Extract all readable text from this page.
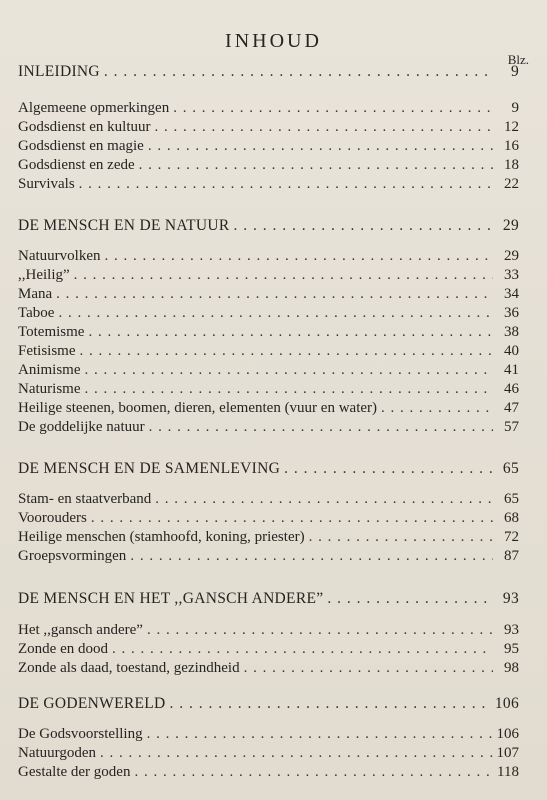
INHOUD
Blz.
INLEIDING . . .	9
Algemeene opmerkingen . . .	9
Godsdienst en kultuur . . .	12
Godsdienst en magie . . .	16
Godsdienst en zede . . .	18
Survivals . . .	22
DE MENSCH EN DE NATUUR . . .	29
Natuurvolken . . .	29
,,Heilig” . . .	33
Mana . . .	34
Taboe . . .	36
Totemisme . . .	38
Fetisisme . . .	40
Animisme . . .	41
Naturisme . . .	46
Heilige steenen, boomen, dieren, elementen (vuur en water) . . .	47
De goddelijke natuur . . .	57
DE MENSCH EN DE SAMENLEVING . . .	65
Stam- en staatverband . . .	65
Voorouders . . .	68
Heilige menschen (stamhoofd, koning, priester) . . .	72
Groepsvormingen . . .	87
DE MENSCH EN HET ,,GANSCH ANDERE” . . .	93
Het ,,gansch andere” . . .	93
Zonde en dood . . .	95
Zonde als daad, toestand, gezindheid . . .	98
DE GODENWERELD . . .	106
De Godsvoorstelling . . .	106
Natuurgoden . . .	107
Gestalte der goden . . .	118
